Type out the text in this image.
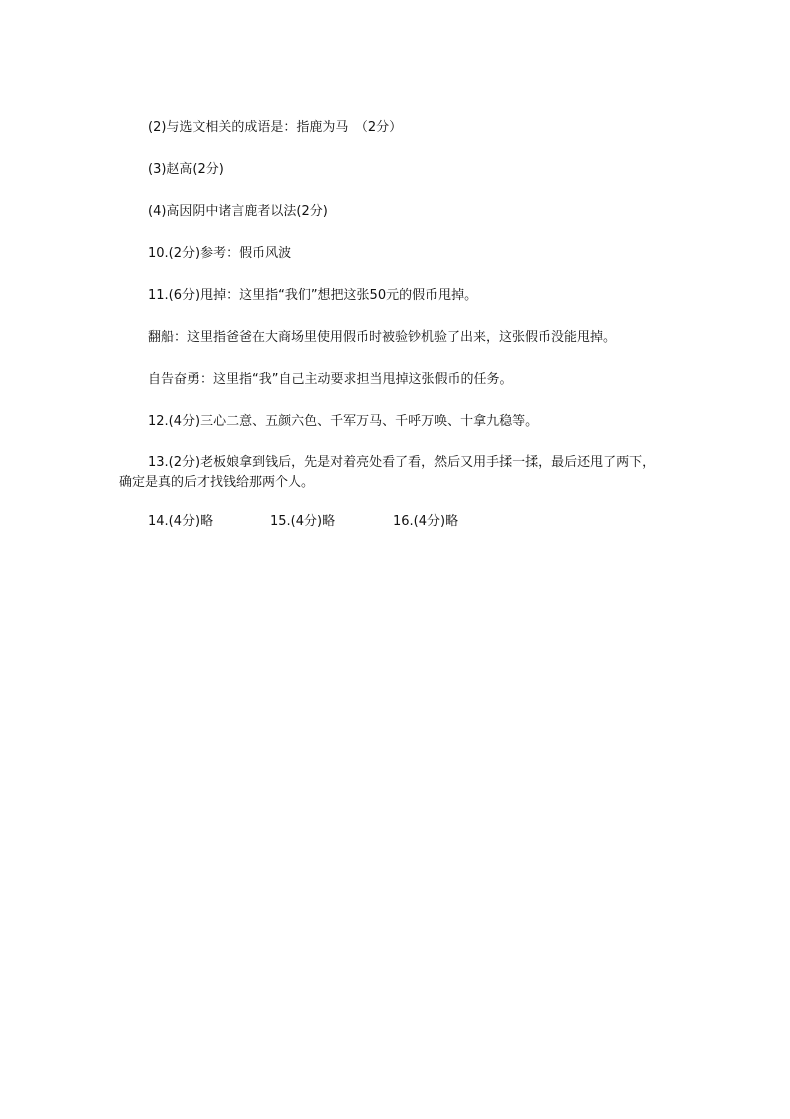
(2)与选文相关的成语是：指鹿为马　（2分）
(3)赵高(2分)
(4)高因阴中诸言鹿者以法(2分)
10.(2分)参考：假币风波
11.(6分)甩掉：这里指“我们”想把这张50元的假币甩掉。
翻船：这里指爸爸在大商场里使用假币时被验钞机验了出来，这张假币没能甩掉。
自告奋勇：这里指“我”自己主动要求担当甩掉这张假币的任务。
12.(4分)三心二意、五颜六色、千军万马、千呼万唤、十拿九稳等。
13.(2分)老板娘拿到钱后，先是对着亮处看了看，然后又用手揉一揉，最后还甩了两下，确定是真的后才找钱给那两个人。
14.(4分)略	15.(4分)略	16.(4分)略
